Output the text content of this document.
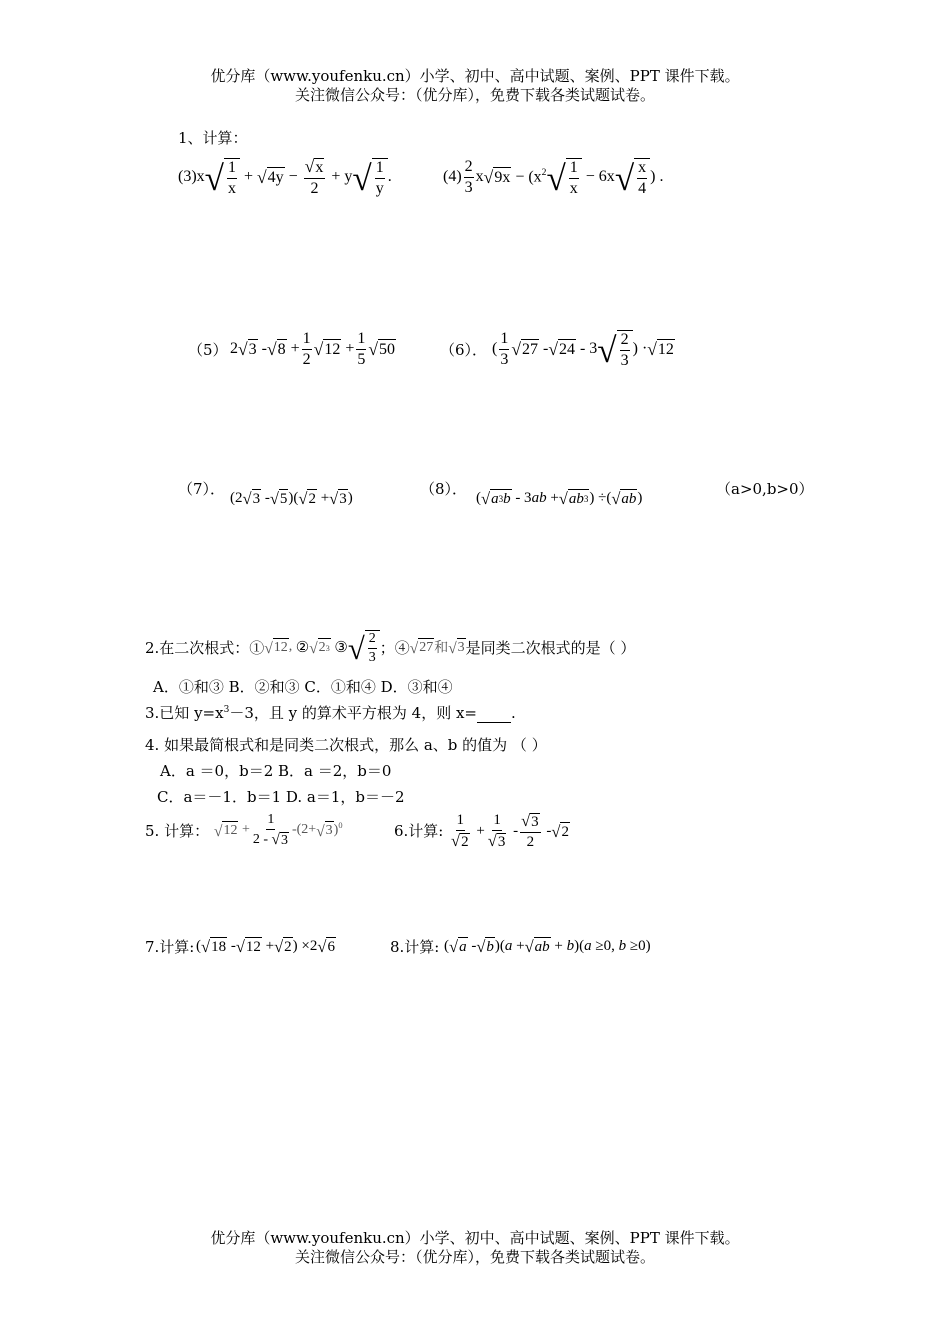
优分库（www.youfenku.cn）小学、初中、高中试题、案例、PPT 课件下载。
关注微信公众号：（优分库），免费下载各类试题试卷。
1、计算：
(3)x √ $\frac{1}{x}$ + √ $4y - \frac{√ x}{2} + y$ √ $\frac{1}{y}$ .	$(4) \frac{2}{3}$ x √ $9x - (x^2$ √ $\frac{1}{x} - 6x$ √ $\frac{x}{4}$ ) .
（5） 2 √ 3 - √ $8 + \frac{1}{2}$ √ $12 + \frac{1}{5}$ √ 50	（6）． ( $\frac{1}{3}$ √ 27 - √ 24 - 3 √ $\frac{2}{3}$ ) · √ 12
（7）． (2 √ 3 - √ 5 )( √ 2 + √ 3 )	（8）． ( √ a 3 b - 3ab + √ ab 3 ) ÷( √ ab )	（a>0,b>0）
2.在二次根式：① √ 12 , ② √ 2 3
③ √ $\frac{2}{3}$ ；④ √ 27 和 √ 3 是同类二次根式的是（ ）
A．①和③ B．②和③ C．①和④ D．③和④
3.已知 $y=x^3-3$，且 y 的算术平方根为 4，则 x= .
4. 如果最简根式和是同类二次根式，那么 a、b 的值为 （ ）
A．a ＝0，b＝2 B．a ＝2，b＝0
C．a＝－1．b＝1 D. a＝1，b＝－2
5. 计算： √ $12 + \frac{1}{2 - √ 3} -(2+$ √ 3 )$^0$	6.计算: $\frac{1}{√ 2} + \frac{1}{√ 3} - \frac{√ 3}{2}$ - √ 2
7.计算: ( √ 18 - √ 12 + √ 2 ) ×2 √ 6	8.计算: ( √ a - √ b )(a + √ ab + b)(a ≥0, b ≥0)
优分库（www.youfenku.cn）小学、初中、高中试题、案例、PPT 课件下载。
关注微信公众号：（优分库），免费下载各类试题试卷。
